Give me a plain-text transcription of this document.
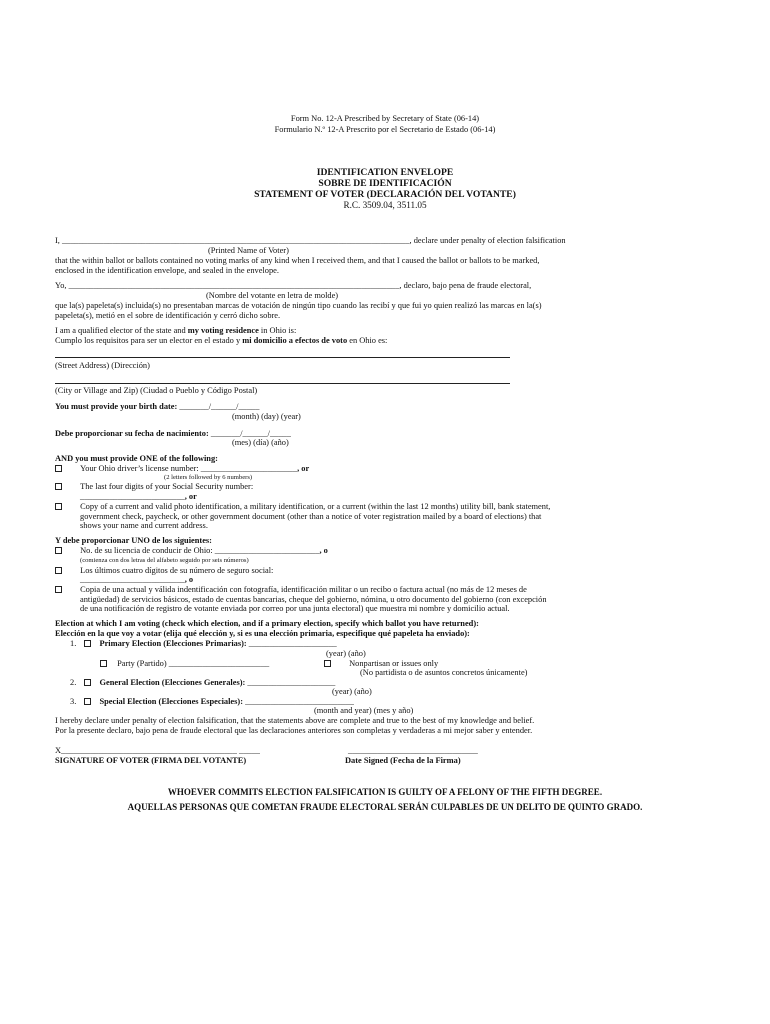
Form No. 12-A Prescribed by Secretary of State (06-14)
Formulario N.º 12-A Prescrito por el Secretario de Estado (06-14)
IDENTIFICATION ENVELOPE
SOBRE DE IDENTIFICACIÓN
STATEMENT OF VOTER (DECLARACIÓN DEL VOTANTE)
R.C. 3509.04, 3511.05
I, ___________________________________________________________________________________, declare under penalty of election falsification
(Printed Name of Voter)
that the within ballot or ballots contained no voting marks of any kind when I received them, and that I caused the ballot or ballots to be marked,
enclosed in the identification envelope, and sealed in the envelope.
Yo, _______________________________________________________________________________, declaro, bajo pena de fraude electoral,
(Nombre del votante en letra de molde)
que la(s) papeleta(s) incluida(s) no presentaban marcas de votación de ningún tipo cuando las recibí y que fui yo quien realizó las marcas en la(s)
papeleta(s), metió en el sobre de identificación y cerró dicho sobre.
I am a qualified elector of the state and my voting residence in Ohio is:
Cumplo los requisitos para ser un elector en el estado y mi domicilio a efectos de voto en Ohio es:
(Street Address) (Dirección)
(City or Village and Zip) (Ciudad o Pueblo y Código Postal)
You must provide your birth date: _______/______/_____
(month) (day) (year)
Debe proporcionar su fecha de nacimiento: _______/______/_____
(mes) (día) (año)
AND you must provide ONE of the following:
Your Ohio driver’s license number: _______________________, or
(2 letters followed by 6 numbers)
The last four digits of your Social Security number:
_________________________, or
Copy of a current and valid photo identification, a military identification, or a current (within the last 12 months) utility bill, bank statement,
government check, paycheck, or other government document (other than a notice of voter registration mailed by a board of elections) that
shows your name and current address.
Y debe proporcionar UNO de los siguientes:
No. de su licencia de conducir de Ohio: _________________________, o
(comienza con dos letras del alfabeto seguido por seis números)
Los últimos cuatro dígitos de su número de seguro social:
_________________________, o
Copia de una actual y válida indentificación con fotografía, identificación militar o un recibo o factura actual (no más de 12 meses de
antigüedad) de servicios básicos, estado de cuentas bancarias, cheque del gobierno, nómina, u otro documento del gobierno (con excepción
de una notificación de registro de votante enviada por correo por una junta electoral) que muestra mi nombre y domicilio actual.
Election at which I am voting (check which election, and if a primary election, specify which ballot you have returned):
Elección en la que voy a votar (elija qué elección y, si es una elección primaria, especifique qué papeleta ha enviado):
1.	Primary Election (Elecciones Primarias): _____________________
(year) (año)
Party (Partido) ________________________	Nonpartisan or issues only
(No partidista o de asuntos concretos únicamente)
2.	General Election (Elecciones Generales): _____________________
(year) (año)
3.	Special Election (Elecciones Especiales): __________________________
(month and year) (mes y año)
I hereby declare under penalty of election falsification, that the statements above are complete and true to the best of my knowledge and belief.
Por la presente declaro, bajo pena de fraude electoral que las declaraciones anteriores son completas y verdaderas a mi mejor saber y entender.
X__________________________________________ _____	_______________________________
SIGNATURE OF VOTER (FIRMA DEL VOTANTE)	Date Signed (Fecha de la Firma)
WHOEVER COMMITS ELECTION FALSIFICATION IS GUILTY OF A FELONY OF THE FIFTH DEGREE.
AQUELLAS PERSONAS QUE COMETAN FRAUDE ELECTORAL SERÁN CULPABLES DE UN DELITO DE QUINTO GRADO.
